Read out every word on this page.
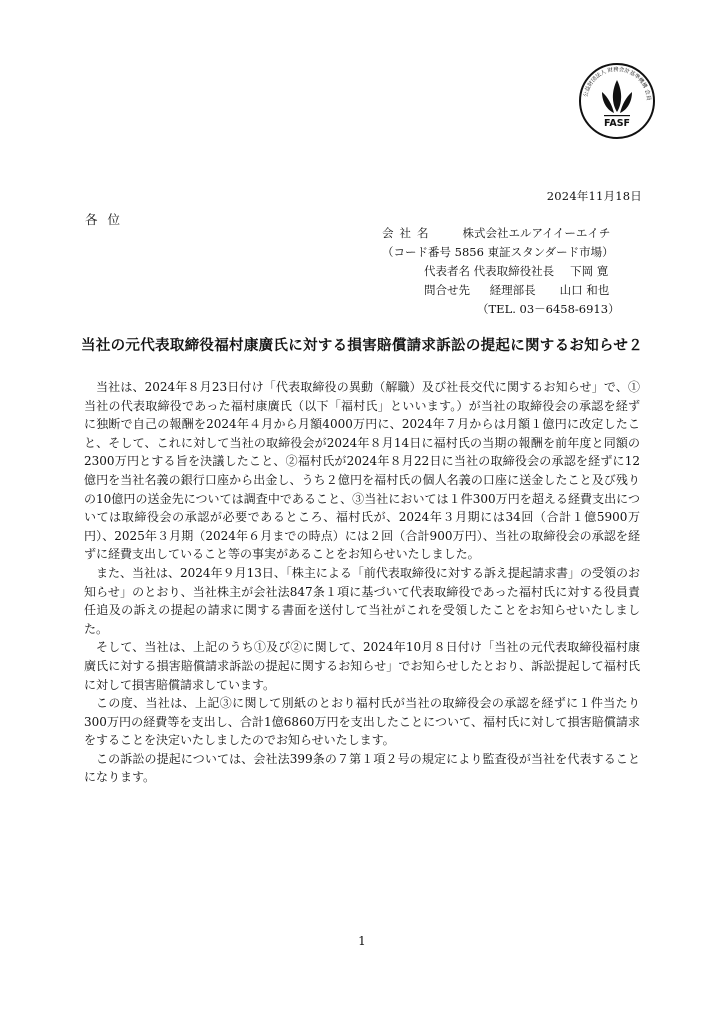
公益財団法人 財務会計基準機構 会員
FASF
2024年11月18日
各位
会社名 株式会社エルアイイーエイチ
（コード番号 5856 東証スタンダード市場）
代表者名 代表取締役社長 下岡 寛
問合せ先 経理部長 山口 和也
（TEL. 03－6458-6913）
当社の元代表取締役福村康廣氏に対する損害賠償請求訴訟の提起に関するお知らせ２

当社は、2024年８月23日付け「代表取締役の異動（解職）及び社長交代に関するお知らせ」で、①当社の代表取締役であった福村康廣氏（以下「福村氏」といいます。）が当社の取締役会の承認を経ずに独断で自己の報酬を2024年４月から月額4000万円に、2024年７月からは月額１億円に改定したこと、そして、これに対して当社の取締役会が2024年８月14日に福村氏の当期の報酬を前年度と同額の2300万円とする旨を決議したこと、②福村氏が2024年８月22日に当社の取締役会の承認を経ずに12億円を当社名義の銀行口座から出金し、うち２億円を福村氏の個人名義の口座に送金したこと及び残りの10億円の送金先については調査中であること、③当社においては１件300万円を超える経費支出については取締役会の承認が必要であるところ、福村氏が、2024年３月期には34回（合計１億5900万円）、2025年３月期（2024年６月までの時点）には２回（合計900万円）、当社の取締役会の承認を経ずに経費支出していること等の事実があることをお知らせいたしました。

また、当社は、2024年９月13日、「株主による「前代表取締役に対する訴え提起請求書」の受領のお知らせ」のとおり、当社株主が会社法847条１項に基づいて代表取締役であった福村氏に対する役員責任追及の訴えの提起の請求に関する書面を送付して当社がこれを受領したことをお知らせいたしました。

そして、当社は、上記のうち①及び②に関して、2024年10月８日付け「当社の元代表取締役福村康廣氏に対する損害賠償請求訴訟の提起に関するお知らせ」でお知らせしたとおり、訴訟提起して福村氏に対して損害賠償請求しています。

この度、当社は、上記③に関して別紙のとおり福村氏が当社の取締役会の承認を経ずに１件当たり300万円の経費等を支出し、合計1億6860万円を支出したことについて、福村氏に対して損害賠償請求をすることを決定いたしましたのでお知らせいたします。

この訴訟の提起については、会社法399条の７第１項２号の規定により監査役が当社を代表することになります。

1
